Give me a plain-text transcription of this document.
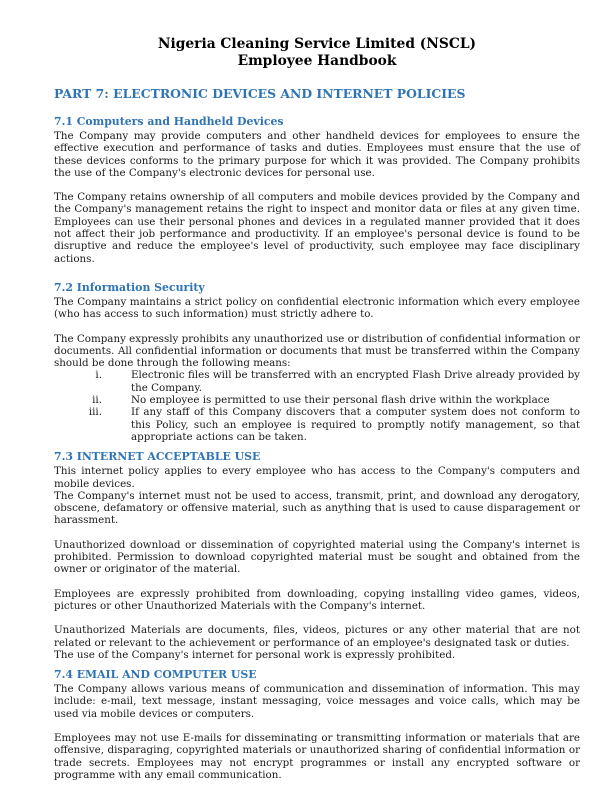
Nigeria Cleaning Service Limited (NSCL)
Employee Handbook
PART 7: ELECTRONIC DEVICES AND INTERNET POLICIES
7.1 Computers and Handheld Devices

The Company may provide computers and other handheld devices for employees to ensure the effective execution and performance of tasks and duties. Employees must ensure that the use of these devices conforms to the primary purpose for which it was provided. The Company prohibits the use of the Company's electronic devices for personal use.

The Company retains ownership of all computers and mobile devices provided by the Company and the Company's management retains the right to inspect and monitor data or files at any given time. Employees can use their personal phones and devices in a regulated manner provided that it does not affect their job performance and productivity. If an employee's personal device is found to be disruptive and reduce the employee's level of productivity, such employee may face disciplinary actions.

7.2 Information Security

The Company maintains a strict policy on confidential electronic information which every employee (who has access to such information) must strictly adhere to.

The Company expressly prohibits any unauthorized use or distribution of confidential information or documents. All confidential information or documents that must be transferred within the Company should be done through the following means:

i.	Electronic files will be transferred with an encrypted Flash Drive already provided by the Company.
ii.	No employee is permitted to use their personal flash drive within the workplace
iii.	If any staff of this Company discovers that a computer system does not conform to this Policy, such an employee is required to promptly notify management, so that appropriate actions can be taken.
7.3 INTERNET ACCEPTABLE USE

This internet policy applies to every employee who has access to the Company's computers and mobile devices.

The Company's internet must not be used to access, transmit, print, and download any derogatory, obscene, defamatory or offensive material, such as anything that is used to cause disparagement or harassment.

Unauthorized download or dissemination of copyrighted material using the Company's internet is prohibited. Permission to download copyrighted material must be sought and obtained from the owner or originator of the material.

Employees are expressly prohibited from downloading, copying installing video games, videos, pictures or other Unauthorized Materials with the Company's internet.

Unauthorized Materials are documents, files, videos, pictures or any other material that are not related or relevant to the achievement or performance of an employee's designated task or duties.

The use of the Company's internet for personal work is expressly prohibited.

7.4 EMAIL AND COMPUTER USE

The Company allows various means of communication and dissemination of information. This may include: e-mail, text message, instant messaging, voice messages and voice calls, which may be used via mobile devices or computers.

Employees may not use E-mails for disseminating or transmitting information or materials that are offensive, disparaging, copyrighted materials or unauthorized sharing of confidential information or trade secrets. Employees may not encrypt programmes or install any encrypted software or programme with any email communication.
